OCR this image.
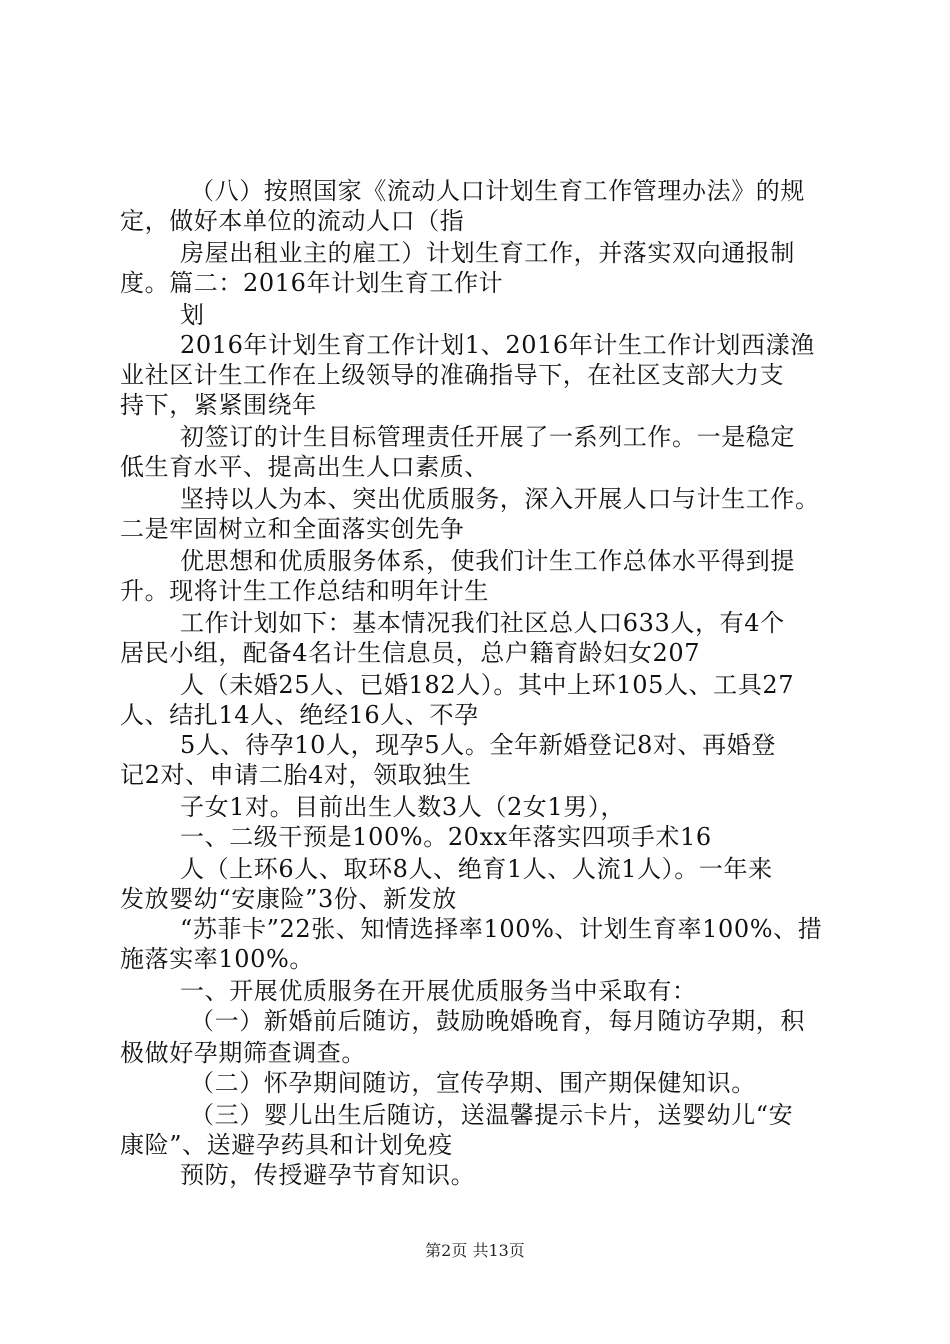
（八）按照国家《流动人口计划生育工作管理办法》的规
定，做好本单位的流动人口（指
房屋出租业主的雇工）计划生育工作，并落实双向通报制
度。篇二：2016年计划生育工作计
划
2016年计划生育工作计划1、2016年计生工作计划西漾渔
业社区计生工作在上级领导的准确指导下，在社区支部大力支
持下，紧紧围绕年
初签订的计生目标管理责任开展了一系列工作。一是稳定
低生育水平、提高出生人口素质、
坚持以人为本、突出优质服务，深入开展人口与计生工作。
二是牢固树立和全面落实创先争
优思想和优质服务体系，使我们计生工作总体水平得到提
升。现将计生工作总结和明年计生
工作计划如下：基本情况我们社区总人口633人，有4个
居民小组，配备4名计生信息员，总户籍育龄妇女207
人（未婚25人、已婚182人）。其中上环105人、工具27
人、结扎14人、绝经16人、不孕
5人、待孕10人，现孕5人。全年新婚登记8对、再婚登
记2对、申请二胎4对，领取独生
子女1对。目前出生人数3人（2女1男），
一、二级干预是100%。20xx年落实四项手术16
人（上环6人、取环8人、绝育1人、人流1人）。一年来
发放婴幼“安康险”3份、新发放
“苏菲卡”22张、知情选择率100%、计划生育率100%、措
施落实率100%。
一、开展优质服务在开展优质服务当中采取有：
（一）新婚前后随访，鼓励晚婚晚育，每月随访孕期，积
极做好孕期筛查调查。
（二）怀孕期间随访，宣传孕期、围产期保健知识。
（三）婴儿出生后随访，送温馨提示卡片，送婴幼儿“安
康险”、送避孕药具和计划免疫
预防，传授避孕节育知识。
第2页 共13页
